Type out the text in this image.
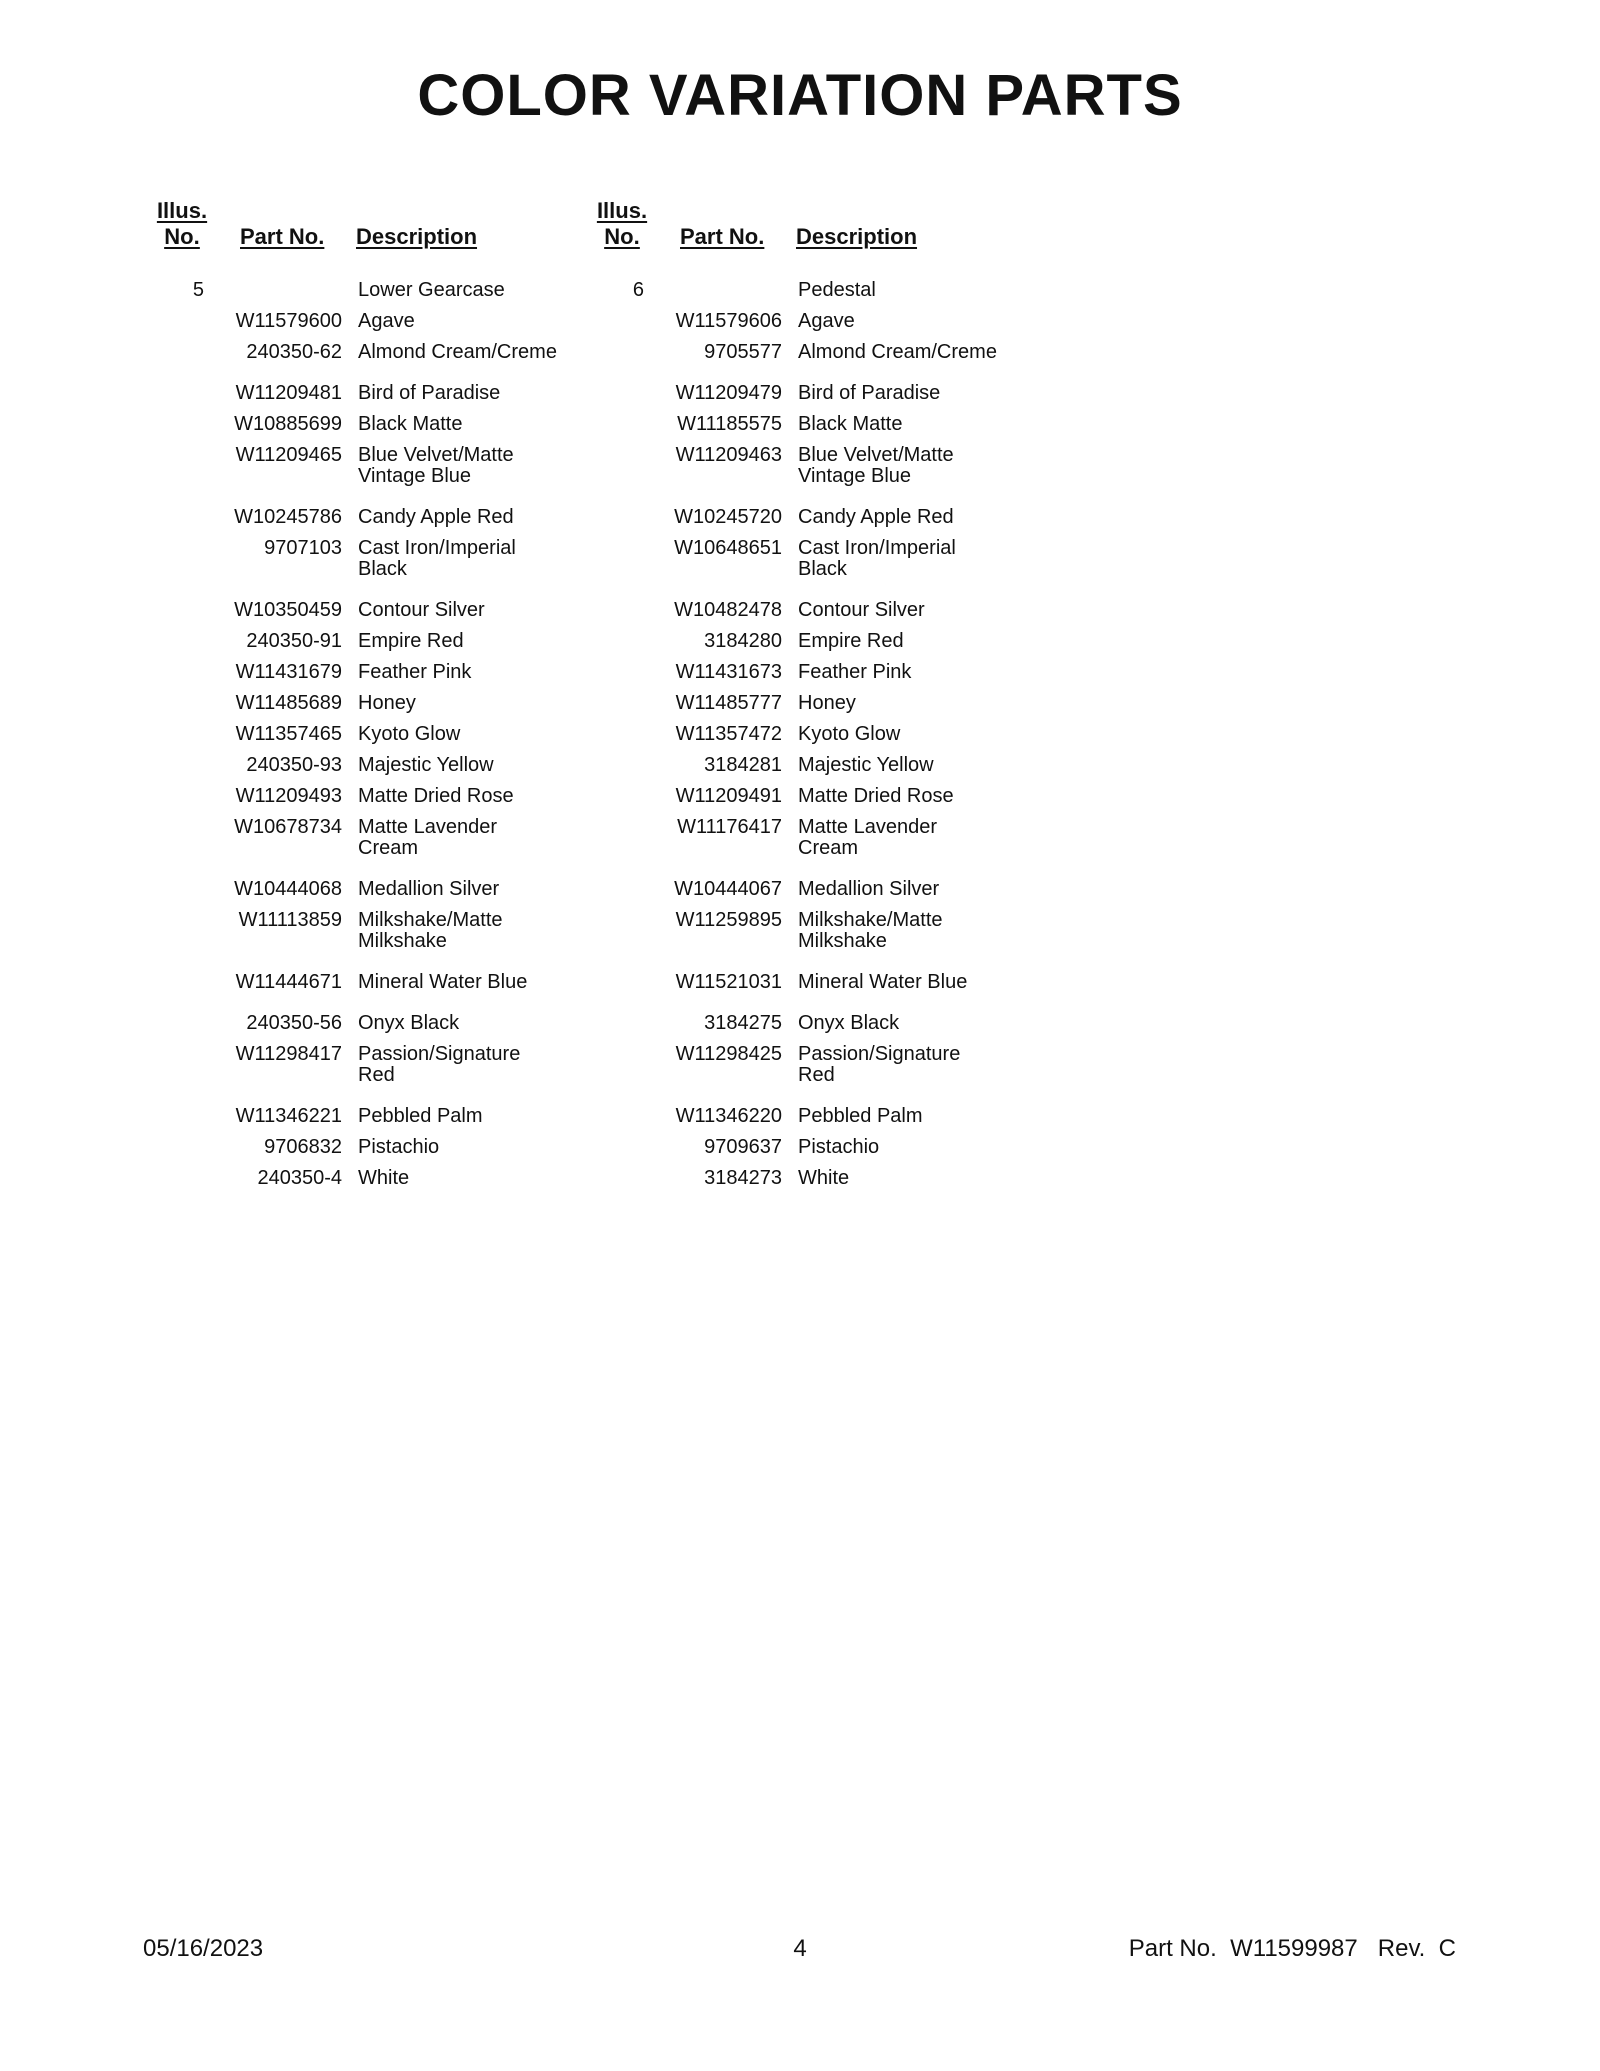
COLOR VARIATION PARTS
Illus.
No.	Part No. Description
5	Lower Gearcase
W11579600 Agave
240350-62 Almond Cream/Creme
W11209481 Bird of Paradise
W10885699 Black Matte
W11209465 Blue Velvet/Matte Vintage Blue
W10245786 Candy Apple Red
9707103 Cast Iron/Imperial Black
W10350459 Contour Silver
240350-91 Empire Red
W11431679 Feather Pink
W11485689 Honey
W11357465 Kyoto Glow
240350-93 Majestic Yellow
W11209493 Matte Dried Rose
W10678734 Matte Lavender Cream
W10444068 Medallion Silver
W11113859 Milkshake/Matte Milkshake
W11444671 Mineral Water Blue
240350-56 Onyx Black
W11298417 Passion/Signature Red
W11346221 Pebbled Palm
9706832 Pistachio
240350-4 White
Illus.
No.	Part No. Description
6	Pedestal
W11579606 Agave
9705577 Almond Cream/Creme
W11209479 Bird of Paradise
W11185575 Black Matte
W11209463 Blue Velvet/Matte Vintage Blue
W10245720 Candy Apple Red
W10648651 Cast Iron/Imperial Black
W10482478 Contour Silver
3184280 Empire Red
W11431673 Feather Pink
W11485777 Honey
W11357472 Kyoto Glow
3184281 Majestic Yellow
W11209491 Matte Dried Rose
W11176417 Matte Lavender Cream
W10444067 Medallion Silver
W11259895 Milkshake/Matte Milkshake
W11521031 Mineral Water Blue
3184275 Onyx Black
W11298425 Passion/Signature Red
W11346220 Pebbled Palm
9709637 Pistachio
3184273 White
05/16/2023	4	Part No.  W11599987   Rev.  C
